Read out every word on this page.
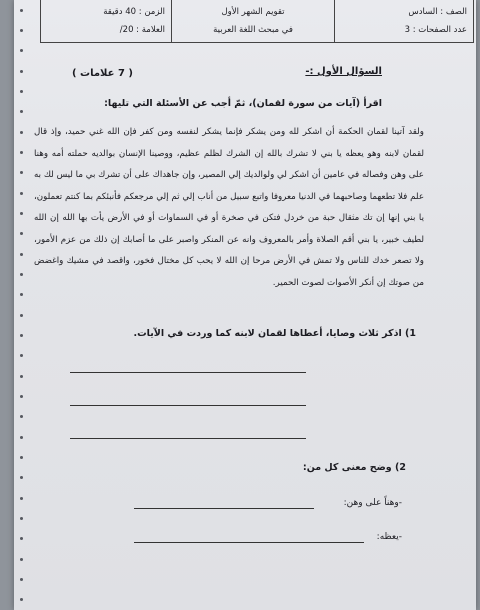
الصف : السادس
عدد الصفحات : 3
تقويم الشهر الأول
في مبحث اللغة العربية
الزمن : 40 دقيقة
العلامة : 20/
السؤال الأول :-
( 7 علامات )
اقرأ (آيات من سورة لقمان)، ثمّ أجب عن الأسئلة التي تليها:
ولقد آتينا لقمان الحكمة أن اشكر لله ومن يشكر فإنما يشكر لنفسه ومن كفر فإن الله غني حميد، وإذ قال لقمان لابنه وهو يعظه يا بني لا تشرك بالله إن الشرك لظلم عظيم، ووصينا الإنسان بوالديه حملته أمه وهنا على وهن وفصاله في عامين أن اشكر لي ولوالديك إلي المصير، وإن جاهداك على أن تشرك بي ما ليس لك به علم فلا تطعهما وصاحبهما في الدنيا معروفا واتبع سبيل من أناب إلي ثم إلي مرجعكم فأنبئكم بما كنتم تعملون، يا بني إنها إن تك مثقال حبة من خردل فتكن في صخرة أو في السماوات أو في الأرض يأت بها الله إن الله لطيف خبير، يا بني أقم الصلاة وأمر بالمعروف وانه عن المنكر واصبر على ما أصابك إن ذلك من عزم الأمور، ولا تصعر خدك للناس ولا تمش في الأرض مرحا إن الله لا يحب كل مختال فخور، واقصد في مشيك واغضض من صوتك إن أنكر الأصوات لصوت الحمير.
1) اذكر ثلاث وصايا، أعطاها لقمان لابنه كما وردت في الآيات.
2) وضح معنى كل من:
-وهناً على وهن:
-يعظه:
